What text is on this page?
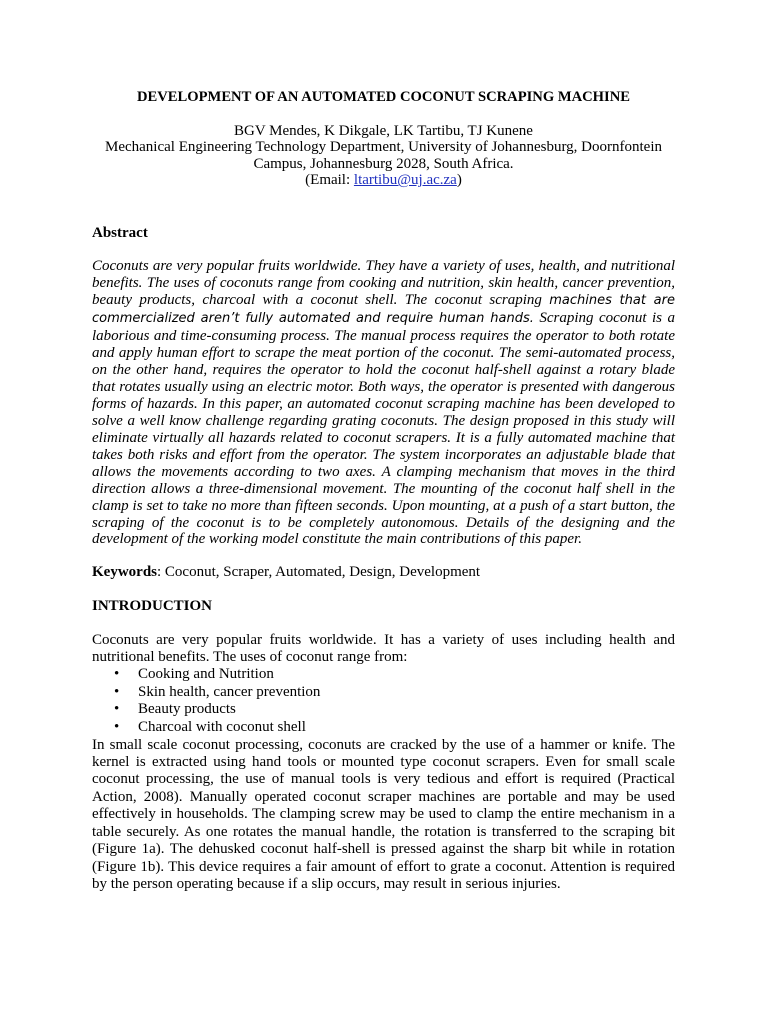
DEVELOPMENT OF AN AUTOMATED COCONUT SCRAPING MACHINE
BGV Mendes, K Dikgale, LK Tartibu, TJ Kunene
Mechanical Engineering Technology Department, University of Johannesburg, Doornfontein
Campus, Johannesburg 2028, South Africa.
(Email: ltartibu@uj.ac.za)
Abstract

Coconuts are very popular fruits worldwide. They have a variety of uses, health, and nutritional benefits. The uses of coconuts range from cooking and nutrition, skin health, cancer prevention, beauty products, charcoal with a coconut shell. The coconut scraping machines that are commercialized aren’t fully automated and require human hands. Scraping coconut is a laborious and time-consuming process. The manual process requires the operator to both rotate and apply human effort to scrape the meat portion of the coconut. The semi-automated process, on the other hand, requires the operator to hold the coconut half-shell against a rotary blade that rotates usually using an electric motor. Both ways, the operator is presented with dangerous forms of hazards. In this paper, an automated coconut scraping machine has been developed to solve a well know challenge regarding grating coconuts. The design proposed in this study will eliminate virtually all hazards related to coconut scrapers. It is a fully automated machine that takes both risks and effort from the operator. The system incorporates an adjustable blade that allows the movements according to two axes. A clamping mechanism that moves in the third direction allows a three-dimensional movement. The mounting of the coconut half shell in the clamp is set to take no more than fifteen seconds. Upon mounting, at a push of a start button, the scraping of the coconut is to be completely autonomous. Details of the designing and the development of the working model constitute the main contributions of this paper.

Keywords: Coconut, Scraper, Automated, Design, Development

INTRODUCTION

Coconuts are very popular fruits worldwide. It has a variety of uses including health and nutritional benefits. The uses of coconut range from:

• Cooking and Nutrition
• Skin health, cancer prevention
• Beauty products
• Charcoal with coconut shell

In small scale coconut processing, coconuts are cracked by the use of a hammer or knife. The kernel is extracted using hand tools or mounted type coconut scrapers. Even for small scale coconut processing, the use of manual tools is very tedious and effort is required (Practical Action, 2008). Manually operated coconut scraper machines are portable and may be used effectively in households. The clamping screw may be used to clamp the entire mechanism in a table securely. As one rotates the manual handle, the rotation is transferred to the scraping bit (Figure 1a). The dehusked coconut half-shell is pressed against the sharp bit while in rotation (Figure 1b). This device requires a fair amount of effort to grate a coconut. Attention is required by the person operating because if a slip occurs, may result in serious injuries.
